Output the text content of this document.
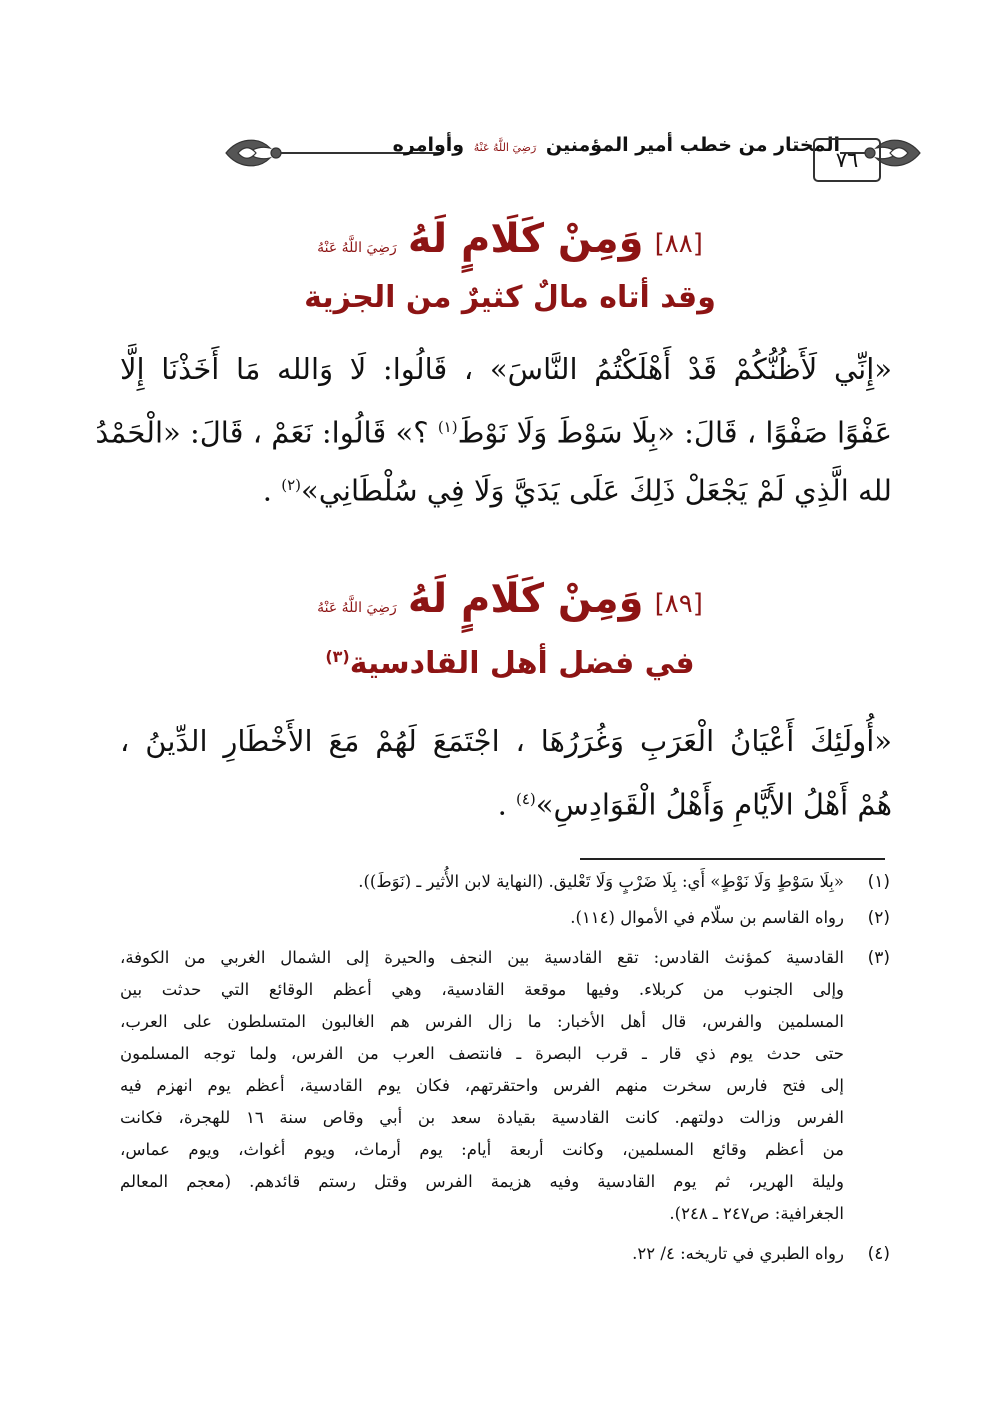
المختار من خطب أمير المؤمنين رَضِيَ اللَّهُ عَنْهُ وأوامره
٧٦
[٨٨] وَمِنْ كَلَامٍ لَهُ رَضِيَ اللَّهُ عَنْهُ
وقد أتاه مالٌ كثيرٌ من الجزية
«إِنِّي لَأَظُنُّكُمْ قَدْ أَهْلَكْتُمُ النَّاسَ» ، قَالُوا: لَا وَالله مَا أَخَذْنَا إِلَّا
عَفْوًا صَفْوًا ، قَالَ: «بِلَا سَوْطَ وَلَا نَوْطَ$^{(١)}$ ؟» قَالُوا: نَعَمْ ، قَالَ: «الْحَمْدُ
لله الَّذِي لَمْ يَجْعَلْ ذَلِكَ عَلَى يَدَيَّ وَلَا فِي سُلْطَانِي»$^{(٢)}$ .
[٨٩] وَمِنْ كَلَامٍ لَهُ رَضِيَ اللَّهُ عَنْهُ
في فضل أهل القادسية$^{(٣)}$
«أُولَئِكَ أَعْيَانُ الْعَرَبِ وَغُرَرُهَا ، اجْتَمَعَ لَهُمْ مَعَ الأَخْطَارِ الدِّينُ ،
هُمْ أَهْلُ الأَيَّامِ وَأَهْلُ الْقَوَادِسِ»$^{(٤)}$ .
(١)
«بِلَا سَوْطٍ وَلَا نَوْطٍ» أَي: بِلَا ضَرْبٍ وَلَا تَعْليق. (النهاية لابن الأُثير ـ (نَوَطَ)).
(٢)
رواه القاسم بن سلّام في الأموال (١١٤).
(٣)
القادسية كمؤنث القادس: تقع القادسية بين النجف والحيرة إلى الشمال الغربي من الكوفة،
وإلى الجنوب من كربلاء. وفيها موقعة القادسية، وهي أعظم الوقائع التي حدثت بين
المسلمين والفرس، قال أهل الأخبار: ما زال الفرس هم الغالبون المتسلطون على العرب،
حتى حدث يوم ذي قار ـ قرب البصرة ـ فانتصف العرب من الفرس، ولما توجه المسلمون
إلى فتح فارس سخرت منهم الفرس واحتقرتهم، فكان يوم القادسية، أعظم يوم انهزم فيه
الفرس وزالت دولتهم. كانت القادسية بقيادة سعد بن أبي وقاص سنة ١٦ للهجرة، فكانت
من أعظم وقائع المسلمين، وكانت أربعة أيام: يوم أرماث، ويوم أغواث، ويوم عماس،
وليلة الهرير، ثم يوم القادسية وفيه هزيمة الفرس وقتل رستم قائدهم. (معجم المعالم
الجغرافية: ص٢٤٧ ـ ٢٤٨).
(٤)
رواه الطبري في تاريخه: ٤/ ٢٢.
